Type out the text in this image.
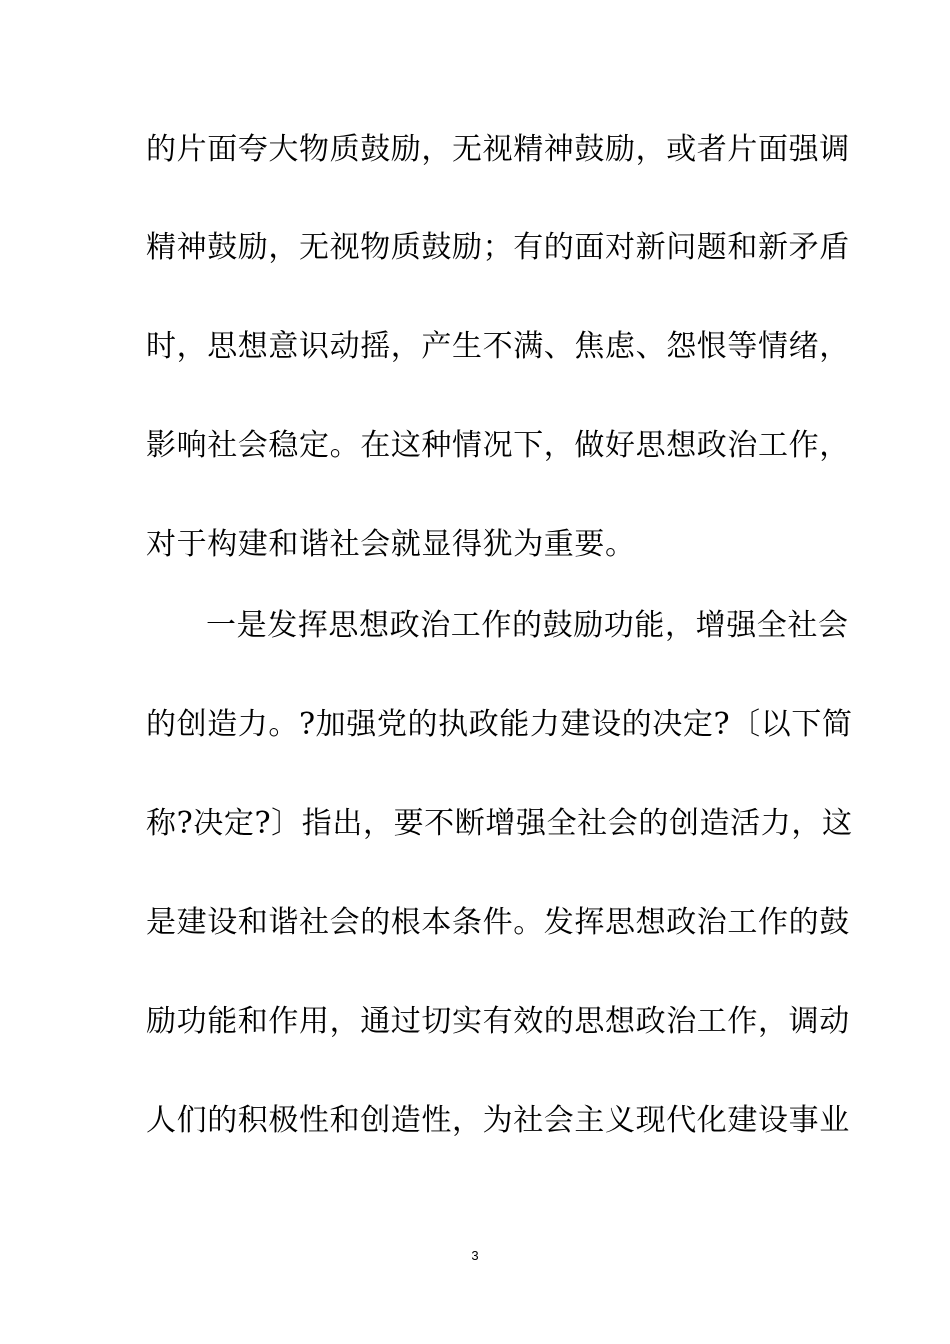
的片面夸大物质鼓励，无视精神鼓励，或者片面强调
精神鼓励，无视物质鼓励；有的面对新问题和新矛盾
时，思想意识动摇，产生不满、焦虑、怨恨等情绪，
影响社会稳定。在这种情况下，做好思想政治工作，
对于构建和谐社会就显得犹为重要。
一是发挥思想政治工作的鼓励功能，增强全社会
的创造力。?加强党的执政能力建设的决定?〔以下简
称?决定?〕指出，要不断增强全社会的创造活力，这
是建设和谐社会的根本条件。发挥思想政治工作的鼓
励功能和作用，通过切实有效的思想政治工作，调动
人们的积极性和创造性，为社会主义现代化建设事业
3
